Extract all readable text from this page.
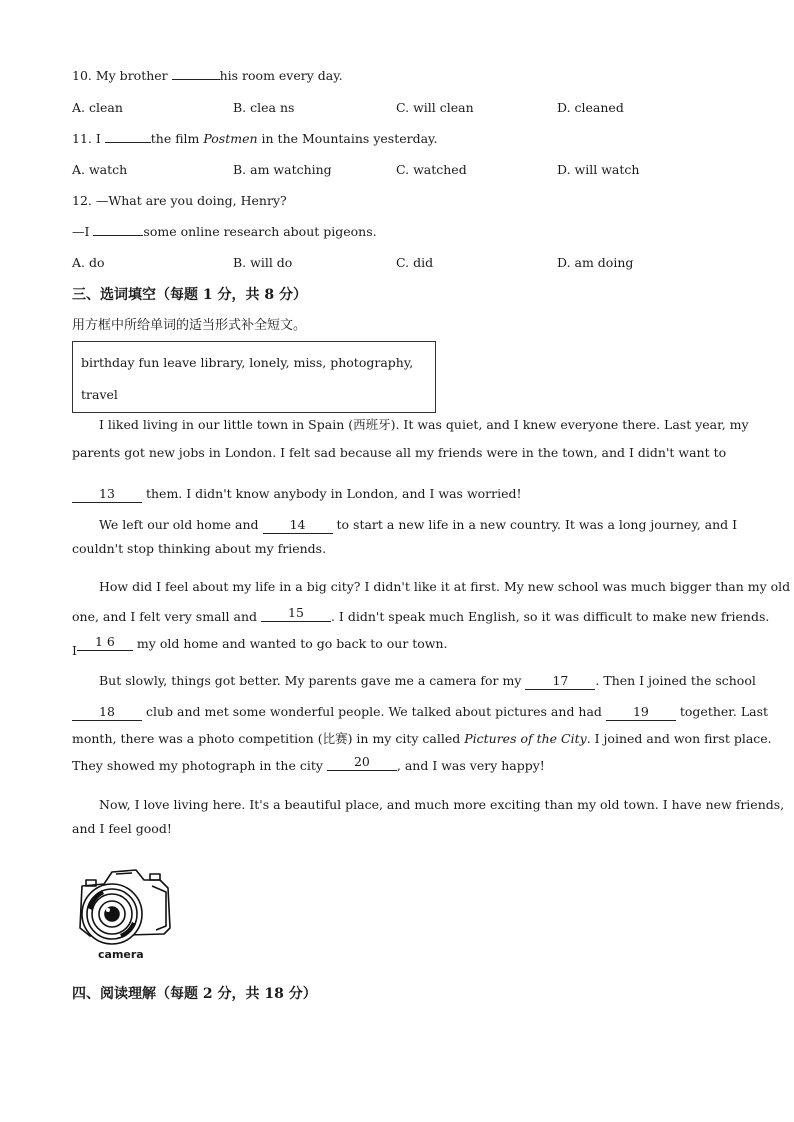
10. My brother	his room every day.
A. clean	B. clea ns	C. will clean	D. cleaned
11. I	the film Postmen in the Mountains yesterday.
A. watch	B. am watching	C. watched	D. will watch
12. —What are you doing, Henry?
—I	some online research about pigeons.
A. do	B. will do	C. did	D. am doing
三、选词填空（每题 1 分，共 8 分）
用方框中所给单词的适当形式补全短文。
birthday fun leave library, lonely, miss, photography,
travel
I liked living in our little town in Spain (西班牙). It was quiet, and I knew everyone there. Last year, my
parents got new jobs in London. I felt sad because all my friends were in the town, and I didn't want to
13 them. I didn't know anybody in London, and I was worried!
We left our old home and 14 to start a new life in a new country. It was a long journey, and I
couldn't stop thinking about my friends.
How did I feel about my life in a big city? I didn't like it at first. My new school was much bigger than my old
one, and I felt very small and 15 . I didn't speak much English, so it was difficult to make new friends.
I1 6 my old home and wanted to go back to our town.
But slowly, things got better. My parents gave me a camera for my 17 . Then I joined the school
18 club and met some wonderful people. We talked about pictures and had 19 together. Last
month, there was a photo competition (比赛) in my city called Pictures of the City. I joined and won first place.
They showed my photograph in the city 20 , and I was very happy!
Now, I love living here. It's a beautiful place, and much more exciting than my old town. I have new friends,
and I feel good!
camera
四、阅读理解（每题 2 分，共 18 分）
